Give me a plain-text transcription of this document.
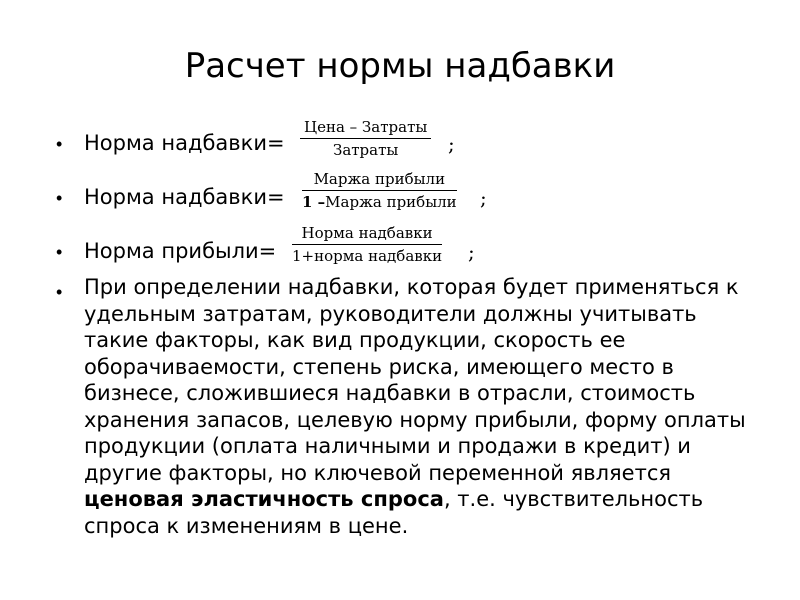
Расчет нормы надбавки
• Норма надбавки=
Цена – Затраты
Затраты	;
• Норма надбавки=
Маржа прибыли
1 –Маржа прибыли ;
• Норма прибыли=
Норма надбавки
1+норма надбавки ;
• При определении надбавки, которая будет применяться к удельным затратам, руководители должны учитывать такие факторы, как вид продукции, скорость ее оборачиваемости, степень риска, имеющего место в бизнесе, сложившиеся надбавки в отрасли, стоимость хранения запасов, целевую норму прибыли, форму оплаты продукции (оплата наличными и продажи в кредит) и другие факторы, но ключевой переменной является ценовая эластичность спроса, т.е. чувствительность спроса к изменениям в цене.
